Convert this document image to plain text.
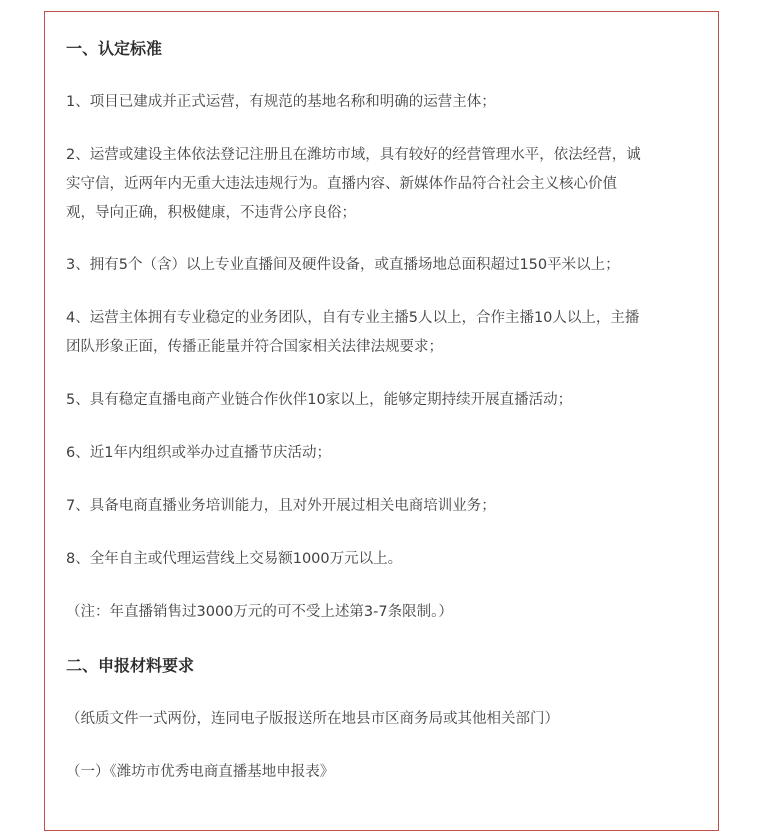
一、认定标准
1、项目已建成并正式运营，有规范的基地名称和明确的运营主体；
2、运营或建设主体依法登记注册且在潍坊市域，具有较好的经营管理水平，依法经营，诚
实守信，近两年内无重大违法违规行为。直播内容、新媒体作品符合社会主义核心价值
观，导向正确，积极健康，不违背公序良俗；
3、拥有5个（含）以上专业直播间及硬件设备，或直播场地总面积超过150平米以上；
4、运营主体拥有专业稳定的业务团队，自有专业主播5人以上，合作主播10人以上，主播
团队形象正面，传播正能量并符合国家相关法律法规要求；
5、具有稳定直播电商产业链合作伙伴10家以上，能够定期持续开展直播活动；
6、近1年内组织或举办过直播节庆活动；
7、具备电商直播业务培训能力，且对外开展过相关电商培训业务；
8、全年自主或代理运营线上交易额1000万元以上。
（注：年直播销售过3000万元的可不受上述第3-7条限制。）
二、申报材料要求
（纸质文件一式两份，连同电子版报送所在地县市区商务局或其他相关部门）
（一）《潍坊市优秀电商直播基地申报表》
